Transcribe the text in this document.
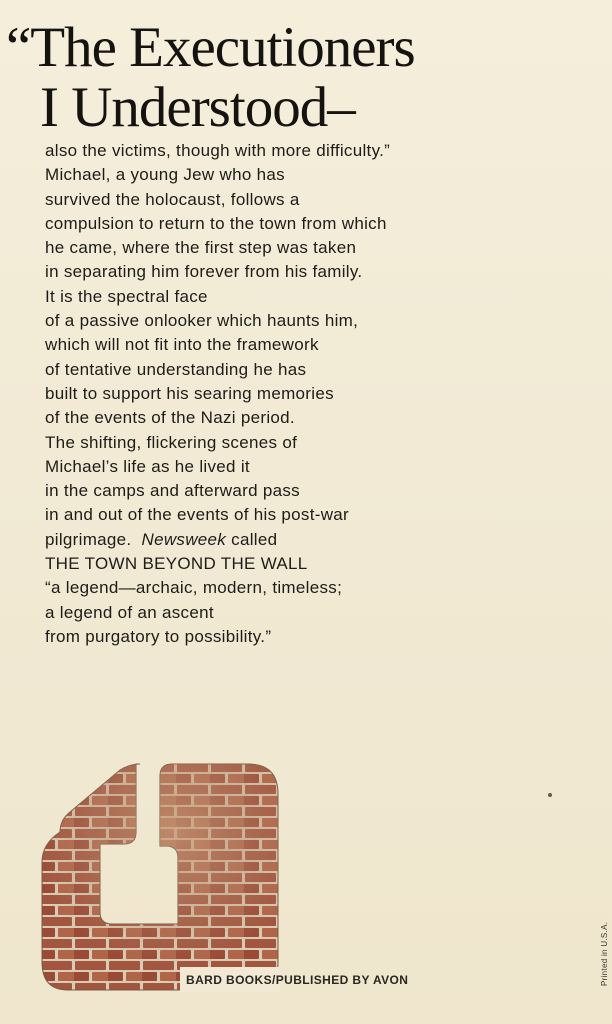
“The Executioners
I Understood–
also the victims, though with more difficulty.”
Michael, a young Jew who has
survived the holocaust, follows a
compulsion to return to the town from which
he came, where the first step was taken
in separating him forever from his family.
It is the spectral face
of a passive onlooker which haunts him,
which will not fit into the framework
of tentative understanding he has
built to support his searing memories
of the events of the Nazi period.
The shifting, flickering scenes of
Michael’s life as he lived it
in the camps and afterward pass
in and out of the events of his post-war
pilgrimage. Newsweek called
THE TOWN BEYOND THE WALL
“a legend—archaic, modern, timeless;
a legend of an ascent
from purgatory to possibility.”
BARD BOOKS/PUBLISHED BY AVON	Printed in U.S.A.
